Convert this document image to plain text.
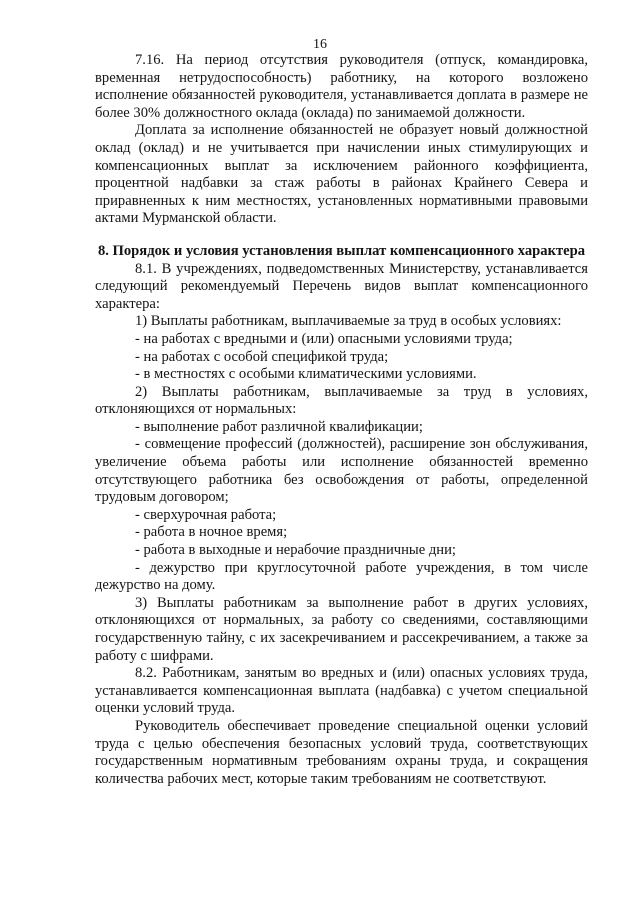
16

7.16. На период отсутствия руководителя (отпуск, командировка, временная нетрудоспособность) работнику, на которого возложено исполнение обязанностей руководителя, устанавливается доплата в размере не более 30% должностного оклада (оклада) по занимаемой должности.

Доплата за исполнение обязанностей не образует новый должностной оклад (оклад) и не учитывается при начислении иных стимулирующих и компенсационных выплат за исключением районного коэффициента, процентной надбавки за стаж работы в районах Крайнего Севера и приравненных к ним местностях, установленных нормативными правовыми актами Мурманской области.

8. Порядок и условия установления выплат компенсационного характера

8.1. В учреждениях, подведомственных Министерству, устанавливается следующий рекомендуемый Перечень видов выплат компенсационного характера:

1) Выплаты работникам, выплачиваемые за труд в особых условиях:

- на работах с вредными и (или) опасными условиями труда;

- на работах с особой спецификой труда;

- в местностях с особыми климатическими условиями.

2) Выплаты работникам, выплачиваемые за труд в условиях, отклоняющихся от нормальных:

- выполнение работ различной квалификации;

- совмещение профессий (должностей), расширение зон обслуживания, увеличение объема работы или исполнение обязанностей временно отсутствующего работника без освобождения от работы, определенной трудовым договором;

- сверхурочная работа;

- работа в ночное время;

- работа в выходные и нерабочие праздничные дни;

- дежурство при круглосуточной работе учреждения, в том числе дежурство на дому.

3) Выплаты работникам за выполнение работ в других условиях, отклоняющихся от нормальных, за работу со сведениями, составляющими государственную тайну, с их засекречиванием и рассекречиванием, а также за работу с шифрами.

8.2. Работникам, занятым во вредных и (или) опасных условиях труда, устанавливается компенсационная выплата (надбавка) с учетом специальной оценки условий труда.

Руководитель обеспечивает проведение специальной оценки условий труда с целью обеспечения безопасных условий труда, соответствующих государственным нормативным требованиям охраны труда, и сокращения количества рабочих мест, которые таким требованиям не соответствуют.
